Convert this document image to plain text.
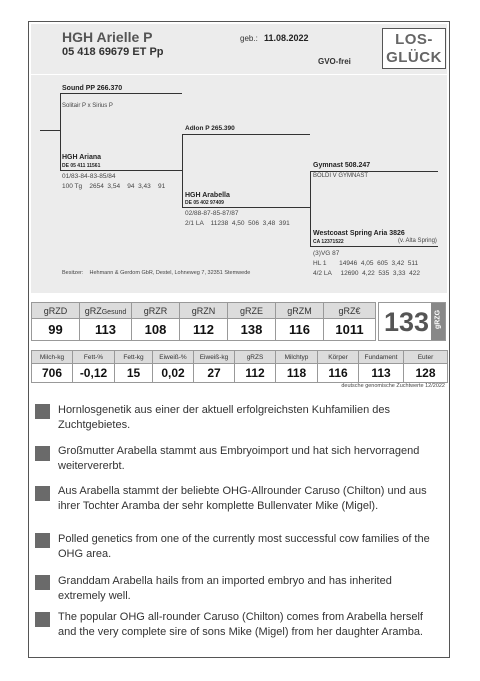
HGH Arielle P
05 418 69679 ET Pp
geb.: 11.08.2022
GVO-frei
LOS-
GLÜCK
Sound PP 266.370
Solitair P x Sirius P
HGH Ariana
DE 05 411 11561
01/83-84-83-85/84
100 Tg    2654  3,54    94  3,43    91
Adlon P 265.390
HGH Arabella
DE 05 402 97409
02/88-87-85-87/87
2/1 LA    11238  4,50  506  3,48  391
Gymnast 508.247
BOLDI V GYMNAST
Westcoast Spring Aria 3826
CA 12371522	(v. Alta Spring)
(3)VG 87
HL 1       14946  4,05  605  3,42  511
4/2 LA     12690  4,22  535  3,33  422
Besitzer:    Hehmann & Gerdom GbR, Destel, Lohneweg 7, 32351 Stemwede
gRZD	gRZGesund	gRZR	gRZN	gRZE	gRZM	gRZ€
99	113	108	112	138	116	1011 133 gRZG
Milch-kg	Fett-%	Fett-kg	Eiweiß-%	Eiweiß-kg	gRZS	Milchtyp	Körper	Fundament	Euter
706	-0,12	15	0,02	27	112	118	116	113	128
deutsche genomische Zuchtwerte 12/2022
Hornlosgenetik aus einer der aktuell erfolgreichsten Kuhfamilien des Zuchtgebietes.
Großmutter Arabella stammt aus Embryoimport und hat sich hervorragend weitervererbt.
Aus Arabella stammt der beliebte OHG-Allrounder Caruso (Chilton) und aus ihrer Tochter Aramba der sehr komplette Bullenvater Mike (Migel).
Polled genetics from one of the currently most successful cow families of the OHG area.
Granddam Arabella hails from an imported embryo and has inherited extremely well.
The popular OHG all-rounder Caruso (Chilton) comes from Arabella herself and the very complete sire of sons Mike (Migel) from her daughter Aramba.
